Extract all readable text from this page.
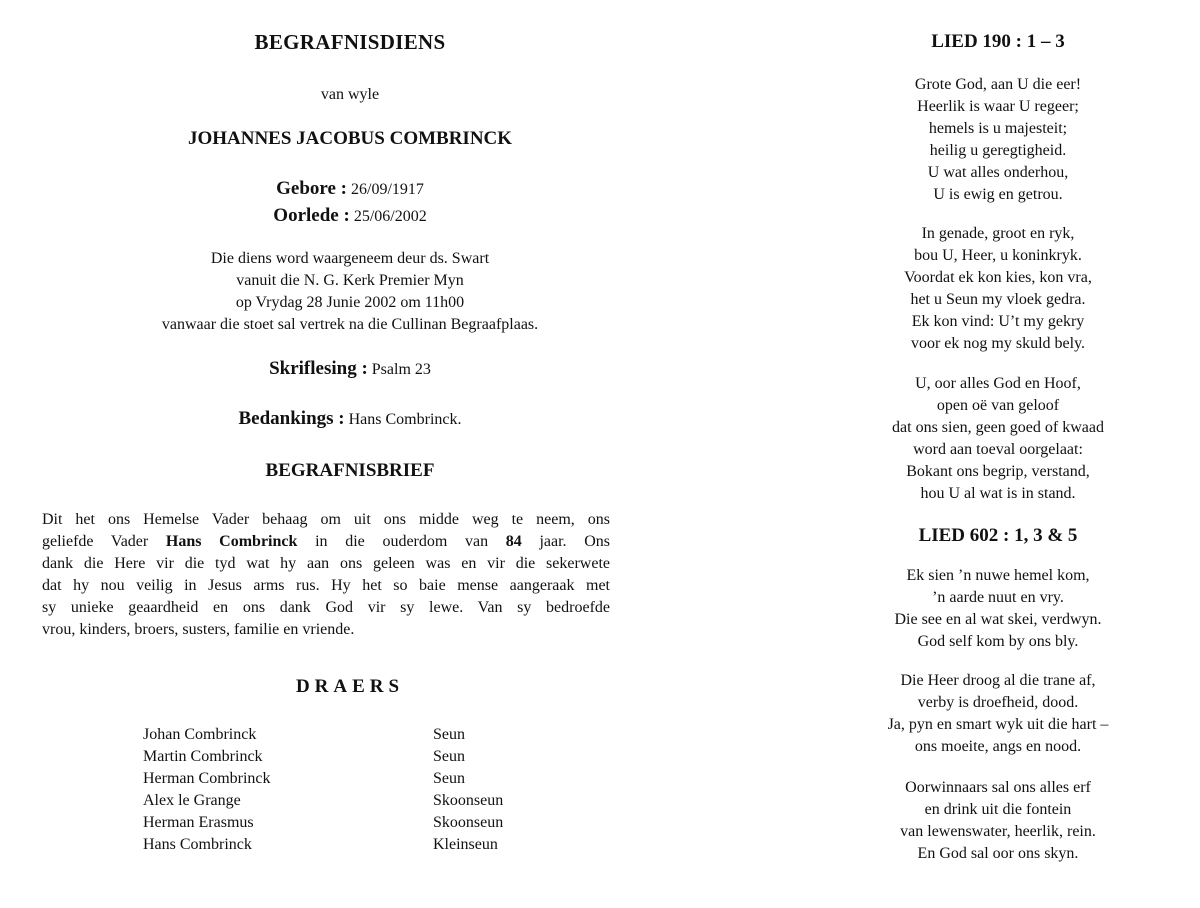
BEGRAFNISDIENS
van wyle
JOHANNES JACOBUS COMBRINCK
Gebore : 26/09/1917
Oorlede : 25/06/2002
Die diens word waargeneem deur ds. Swart
vanuit die N. G. Kerk Premier Myn
op Vrydag 28 Junie 2002 om 11h00
vanwaar die stoet sal vertrek na die Cullinan Begraafplaas.
Skriflesing : Psalm 23
Bedankings : Hans Combrinck.
BEGRAFNISBRIEF
Dit het ons Hemelse Vader behaag om uit ons midde weg te neem, ons
geliefde Vader Hans Combrinck in die ouderdom van 84 jaar. Ons
dank die Here vir die tyd wat hy aan ons geleen was en vir die sekerwete
dat hy nou veilig in Jesus arms rus. Hy het so baie mense aangeraak met
sy unieke geaardheid en ons dank God vir sy lewe. Van sy bedroefde
vrou, kinders, broers, susters, familie en vriende.
DRAERS
Johan Combrinck	Seun
Martin Combrinck	Seun
Herman Combrinck	Seun
Alex le Grange	Skoonseun
Herman Erasmus	Skoonseun
Hans Combrinck	Kleinseun
LIED 190 : 1 – 3
Grote God, aan U die eer!
Heerlik is waar U regeer;
hemels is u majesteit;
heilig u geregtigheid.
U wat alles onderhou,
U is ewig en getrou.
In genade, groot en ryk,
bou U, Heer, u koninkryk.
Voordat ek kon kies, kon vra,
het u Seun my vloek gedra.
Ek kon vind: U’t my gekry
voor ek nog my skuld bely.
U, oor alles God en Hoof,
open oë van geloof
dat ons sien, geen goed of kwaad
word aan toeval oorgelaat:
Bokant ons begrip, verstand,
hou U al wat is in stand.
LIED 602 : 1, 3 & 5
Ek sien ’n nuwe hemel kom,
’n aarde nuut en vry.
Die see en al wat skei, verdwyn.
God self kom by ons bly.
Die Heer droog al die trane af,
verby is droefheid, dood.
Ja, pyn en smart wyk uit die hart –
ons moeite, angs en nood.
Oorwinnaars sal ons alles erf
en drink uit die fontein
van lewenswater, heerlik, rein.
En God sal oor ons skyn.
